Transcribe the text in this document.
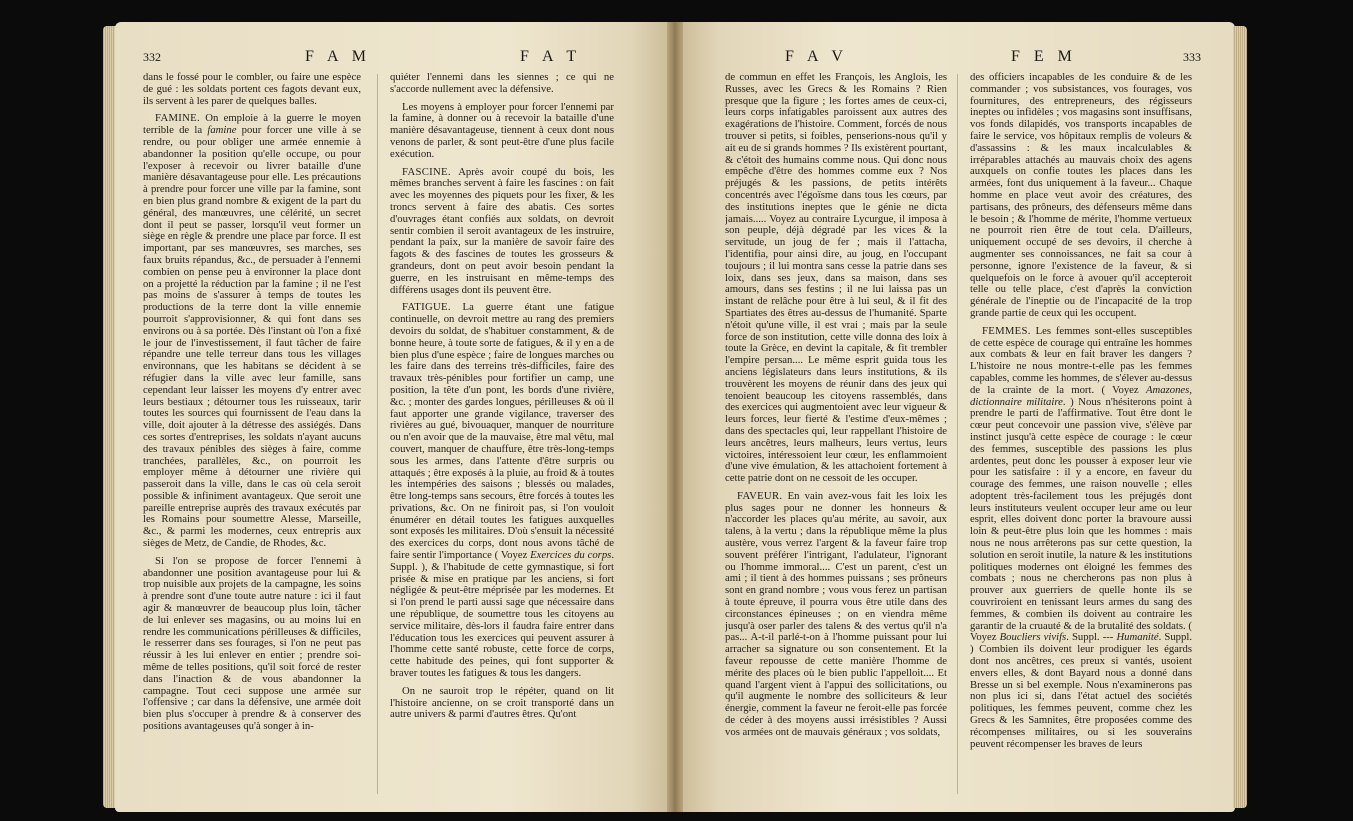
332	F A M	F A T

dans le fossé pour le combler, ou faire une espèce de gué : les soldats portent ces fagots devant eux, ils servent à les parer de quelques balles.

FAMINE. On emploie à la guerre le moyen terrible de la famine pour forcer une ville à se rendre, ou pour obliger une armée ennemie à abandonner la position qu'elle occupe, ou pour l'exposer à recevoir ou livrer bataille d'une manière désavantageuse pour elle. Les précautions à prendre pour forcer une ville par la famine, sont en bien plus grand nombre & exigent de la part du général, des manœuvres, une célérité, un secret dont il peut se passer, lorsqu'il veut former un siège en règle & prendre une place par force. Il est important, par ses manœuvres, ses marches, ses faux bruits répandus, &c., de persuader à l'ennemi combien on pense peu à environner la place dont on a projetté la réduction par la famine ; il ne l'est pas moins de s'assurer à temps de toutes les productions de la terre dont la ville ennemie pourroit s'approvisionner, & qui font dans ses environs ou à sa portée. Dès l'instant où l'on a fixé le jour de l'investissement, il faut tâcher de faire répandre une telle terreur dans tous les villages environnans, que les habitans se décident à se réfugier dans la ville avec leur famille, sans cependant leur laisser les moyens d'y entrer avec leurs bestiaux ; détourner tous les ruisseaux, tarir toutes les sources qui fournissent de l'eau dans la ville, doit ajouter à la détresse des assiégés. Dans ces sortes d'entreprises, les soldats n'ayant aucuns des travaux pénibles des sièges à faire, comme tranchées, parallèles, &c., on pourroit les employer même à détourner une rivière qui passeroit dans la ville, dans le cas où cela seroit possible & infiniment avantageux. Que seroit une pareille entreprise auprès des travaux exécutés par les Romains pour soumettre Alesse, Marseille, &c., & parmi les modernes, ceux entrepris aux sièges de Metz, de Candie, de Rhodes, &c.

Si l'on se propose de forcer l'ennemi à abandonner une position avantageuse pour lui & trop nuisible aux projets de la campagne, les soins à prendre sont d'une toute autre nature : ici il faut agir & manœuvrer de beaucoup plus loin, tâcher de lui enlever ses magasins, ou au moins lui en rendre les communications périlleuses & difficiles, le resserrer dans ses fourages, si l'on ne peut pas réussir à les lui enlever en entier ; prendre soi-même de telles positions, qu'il soit forcé de rester dans l'inaction & de vous abandonner la campagne. Tout ceci suppose une armée sur l'offensive ; car dans la défensive, une armée doit bien plus s'occuper à prendre & à conserver des positions avantageuses qu'à songer à in-

quiéter l'ennemi dans les siennes ; ce qui ne s'accorde nullement avec la défensive.

Les moyens à employer pour forcer l'ennemi par la famine, à donner ou à recevoir la bataille d'une manière désavantageuse, tiennent à ceux dont nous venons de parler, & sont peut-être d'une plus facile exécution.

FASCINE. Après avoir coupé du bois, les mêmes branches servent à faire les fascines : on fait avec les moyennes des piquets pour les fixer, & les troncs servent à faire des abatis. Ces sortes d'ouvrages étant confiés aux soldats, on devroit sentir combien il seroit avantageux de les instruire, pendant la paix, sur la manière de savoir faire des fagots & des fascines de toutes les grosseurs & grandeurs, dont on peut avoir besoin pendant la guerre, en les instruisant en même-temps des différens usages dont ils peuvent être.

FATIGUE. La guerre étant une fatigue continuelle, on devroit mettre au rang des premiers devoirs du soldat, de s'habituer constamment, & de bonne heure, à toute sorte de fatigues, & il y en a de bien plus d'une espèce ; faire de longues marches ou les faire dans des terreins très-difficiles, faire des travaux très-pénibles pour fortifier un camp, une position, la tête d'un pont, les bords d'une rivière, &c. ; monter des gardes longues, périlleuses & où il faut apporter une grande vigilance, traverser des rivières au gué, bivouaquer, manquer de nourriture ou n'en avoir que de la mauvaise, être mal vêtu, mal couvert, manquer de chauffure, être très-long-temps sous les armes, dans l'attente d'être surpris ou attaqués ; être exposés à la pluie, au froid & à toutes les intempéries des saisons ; blessés ou malades, être long-temps sans secours, être forcés à toutes les privations, &c. On ne finiroit pas, si l'on vouloit énumérer en détail toutes les fatigues auxquelles sont exposés les militaires. D'où s'ensuit la nécessité des exercices du corps, dont nous avons tâché de faire sentir l'importance ( Voyez Exercices du corps. Suppl. ), & l'habitude de cette gymnastique, si fort prisée & mise en pratique par les anciens, si fort négligée & peut-être méprisée par les modernes. Et si l'on prend le parti aussi sage que nécessaire dans une république, de soumettre tous les citoyens au service militaire, dès-lors il faudra faire entrer dans l'éducation tous les exercices qui peuvent assurer à l'homme cette santé robuste, cette force de corps, cette habitude des peines, qui font supporter & braver toutes les fatigues & tous les dangers.

On ne sauroit trop le répéter, quand on lit l'histoire ancienne, on se croit transporté dans un autre univers & parmi d'autres êtres. Qu'ont

F A V	F E M	333

de commun en effet les François, les Anglois, les Russes, avec les Grecs & les Romains ? Rien presque que la figure ; les fortes ames de ceux-ci, leurs corps infatigables paroissent aux autres des exagérations de l'histoire. Comment, forcés de nous trouver si petits, si foibles, penserions-nous qu'il y ait eu de si grands hommes ? Ils existèrent pourtant, & c'étoit des humains comme nous. Qui donc nous empêche d'être des hommes comme eux ? Nos préjugés & les passions, de petits intérêts concentrés avec l'égoïsme dans tous les cœurs, par des institutions ineptes que le génie ne dicta jamais..... Voyez au contraire Lycurgue, il imposa à son peuple, déjà dégradé par les vices & la servitude, un joug de fer ; mais il l'attacha, l'identifia, pour ainsi dire, au joug, en l'occupant toujours ; il lui montra sans cesse la patrie dans ses loix, dans ses jeux, dans sa maison, dans ses amours, dans ses festins ; il ne lui laissa pas un instant de relâche pour être à lui seul, & il fit des Spartiates des êtres au-dessus de l'humanité. Sparte n'étoit qu'une ville, il est vrai ; mais par la seule force de son institution, cette ville donna des loix à toute la Grèce, en devint la capitale, & fit trembler l'empire persan.... Le même esprit guida tous les anciens législateurs dans leurs institutions, & ils trouvèrent les moyens de réunir dans des jeux qui tenoient beaucoup les citoyens rassemblés, dans des exercices qui augmentoient avec leur vigueur & leurs forces, leur fierté & l'estime d'eux-mêmes ; dans des spectacles qui, leur rappellant l'histoire de leurs ancêtres, leurs malheurs, leurs vertus, leurs victoires, intéressoient leur cœur, les enflammoient d'une vive émulation, & les attachoient fortement à cette patrie dont on ne cessoit de les occuper.

FAVEUR. En vain avez-vous fait les loix les plus sages pour ne donner les honneurs & n'accorder les places qu'au mérite, au savoir, aux talens, à la vertu ; dans la république même la plus austère, vous verrez l'argent & la faveur faire trop souvent préférer l'intrigant, l'adulateur, l'ignorant ou l'homme immoral.... C'est un parent, c'est un ami ; il tient à des hommes puissans ; ses prôneurs sont en grand nombre ; vous vous ferez un partisan à toute épreuve, il pourra vous être utile dans des circonstances épineuses ; on en viendra même jusqu'à oser parler des talens & des vertus qu'il n'a pas... A-t-il parlé-t-on à l'homme puissant pour lui arracher sa signature ou son consentement. Et la faveur repousse de cette manière l'homme de mérite des places où le bien public l'appelloit.... Et quand l'argent vient à l'appui des sollicitations, ou qu'il augmente le nombre des solliciteurs & leur énergie, comment la faveur ne feroit-elle pas forcée de céder à des moyens aussi irrésistibles ? Aussi vos armées ont de mauvais généraux ; vos soldats,

des officiers incapables de les conduire & de les commander ; vos subsistances, vos fourages, vos fournitures, des entrepreneurs, des régisseurs ineptes ou infidèles ; vos magasins sont insuffisans, vos fonds dilapidés, vos transports incapables de faire le service, vos hôpitaux remplis de voleurs & d'assassins : & les maux incalculables & irréparables attachés au mauvais choix des agens auxquels on confie toutes les places dans les armées, font dus uniquement à la faveur... Chaque homme en place veut avoir des créatures, des partisans, des prôneurs, des défenseurs même dans le besoin ; & l'homme de mérite, l'homme vertueux ne pourroit rien être de tout cela. D'ailleurs, uniquement occupé de ses devoirs, il cherche à augmenter ses connoissances, ne fait sa cour à personne, ignore l'existence de la faveur, & si quelquefois on le force à avouer qu'il accepteroit telle ou telle place, c'est d'après la conviction générale de l'ineptie ou de l'incapacité de la trop grande partie de ceux qui les occupent.

FEMMES. Les femmes sont-elles susceptibles de cette espèce de courage qui entraîne les hommes aux combats & leur en fait braver les dangers ? L'histoire ne nous montre-t-elle pas les femmes capables, comme les hommes, de s'élever au-dessus de la crainte de la mort. ( Voyez Amazones, dictionnaire militaire. ) Nous n'hésiterons point à prendre le parti de l'affirmative. Tout être dont le cœur peut concevoir une passion vive, s'élève par instinct jusqu'à cette espèce de courage : le cœur des femmes, susceptible des passions les plus ardentes, peut donc les pousser à exposer leur vie pour les satisfaire : il y a encore, en faveur du courage des femmes, une raison nouvelle ; elles adoptent très-facilement tous les préjugés dont leurs instituteurs veulent occuper leur ame ou leur esprit, elles doivent donc porter la bravoure aussi loin & peut-être plus loin que les hommes : mais nous ne nous arrêterons pas sur cette question, la solution en seroit inutile, la nature & les institutions politiques modernes ont éloigné les femmes des combats ; nous ne chercherons pas non plus à prouver aux guerriers de quelle honte ils se couvriroient en tenissant leurs armes du sang des femmes, & combien ils doivent au contraire les garantir de la cruauté & de la brutalité des soldats. ( Voyez Boucliers vivifs. Suppl. --- Humanité. Suppl. ) Combien ils doivent leur prodiguer les égards dont nos ancêtres, ces preux si vantés, usoient envers elles, & dont Bayard nous a donné dans Bresse un si bel exemple. Nous n'examinerons pas non plus ici si, dans l'état actuel des sociétés politiques, les femmes peuvent, comme chez les Grecs & les Samnites, être proposées comme des récompenses militaires, ou si les souverains peuvent récompenser les braves de leurs
